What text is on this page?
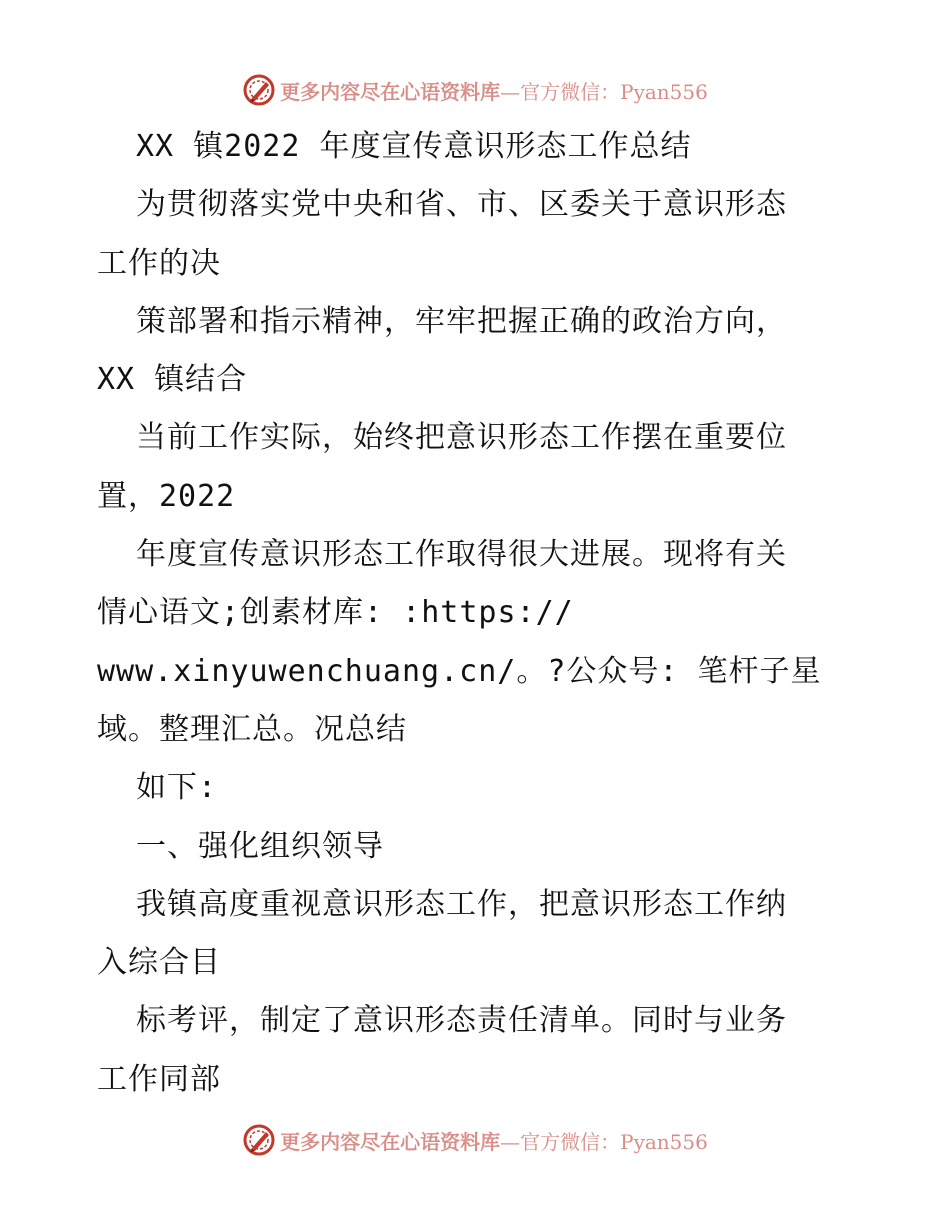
更多内容尽在心语资料库—官方微信：Pyan556
XX 镇2022 年度宣传意识形态工作总结
为贯彻落实党中央和省、市、区委关于意识形态
工作的决
策部署和指示精神，牢牢把握正确的政治方向，
XX 镇结合
当前工作实际，始终把意识形态工作摆在重要位
置，2022
年度宣传意识形态工作取得很大进展。现将有关
情心语文;创素材库: :https://
www.xinyuwenchuang.cn/。?公众号: 笔杆子星
域。整理汇总。况总结
如下:
一、强化组织领导
我镇高度重视意识形态工作，把意识形态工作纳
入综合目
标考评，制定了意识形态责任清单。同时与业务
工作同部
更多内容尽在心语资料库—官方微信：Pyan556
